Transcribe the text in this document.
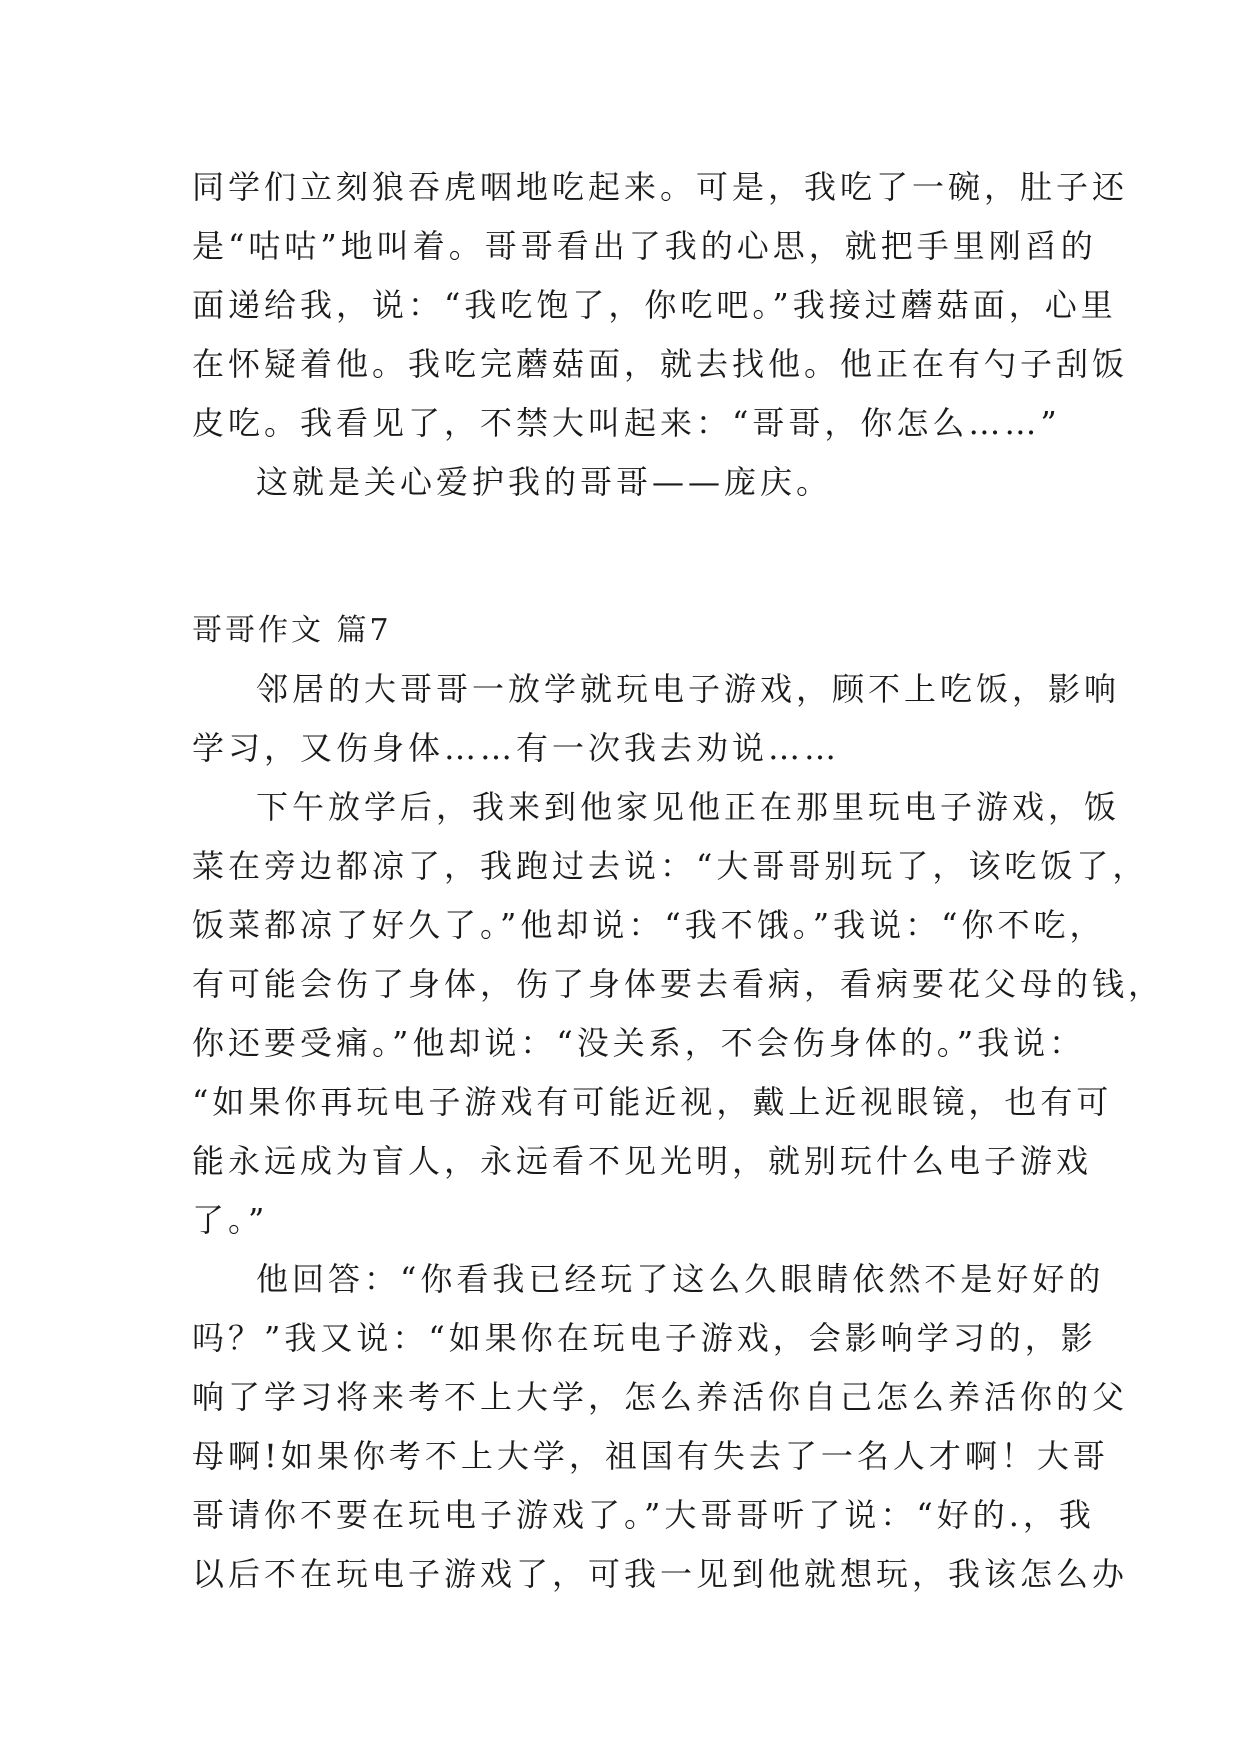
同学们立刻狼吞虎咽地吃起来。可是，我吃了一碗，肚子还
是“咕咕”地叫着。哥哥看出了我的心思，就把手里刚舀的
面递给我，说：“我吃饱了，你吃吧。”我接过蘑菇面，心里
在怀疑着他。我吃完蘑菇面，就去找他。他正在有勺子刮饭
皮吃。我看见了，不禁大叫起来：“哥哥，你怎么……”
这就是关心爱护我的哥哥——庞庆。
哥哥作文 篇7
邻居的大哥哥一放学就玩电子游戏，顾不上吃饭，影响
学习，又伤身体……有一次我去劝说……
下午放学后，我来到他家见他正在那里玩电子游戏，饭
菜在旁边都凉了，我跑过去说：“大哥哥别玩了，该吃饭了，
饭菜都凉了好久了。”他却说：“我不饿。”我说：“你不吃，
有可能会伤了身体，伤了身体要去看病，看病要花父母的钱，
你还要受痛。”他却说：“没关系，不会伤身体的。”我说：
“如果你再玩电子游戏有可能近视，戴上近视眼镜，也有可
能永远成为盲人，永远看不见光明，就别玩什么电子游戏
了。”
他回答：“你看我已经玩了这么久眼睛依然不是好好的
吗？”我又说：“如果你在玩电子游戏，会影响学习的，影
响了学习将来考不上大学，怎么养活你自己怎么养活你的父
母啊!如果你考不上大学，祖国有失去了一名人才啊！大哥
哥请你不要在玩电子游戏了。”大哥哥听了说：“好的.，我
以后不在玩电子游戏了，可我一见到他就想玩，我该怎么办
